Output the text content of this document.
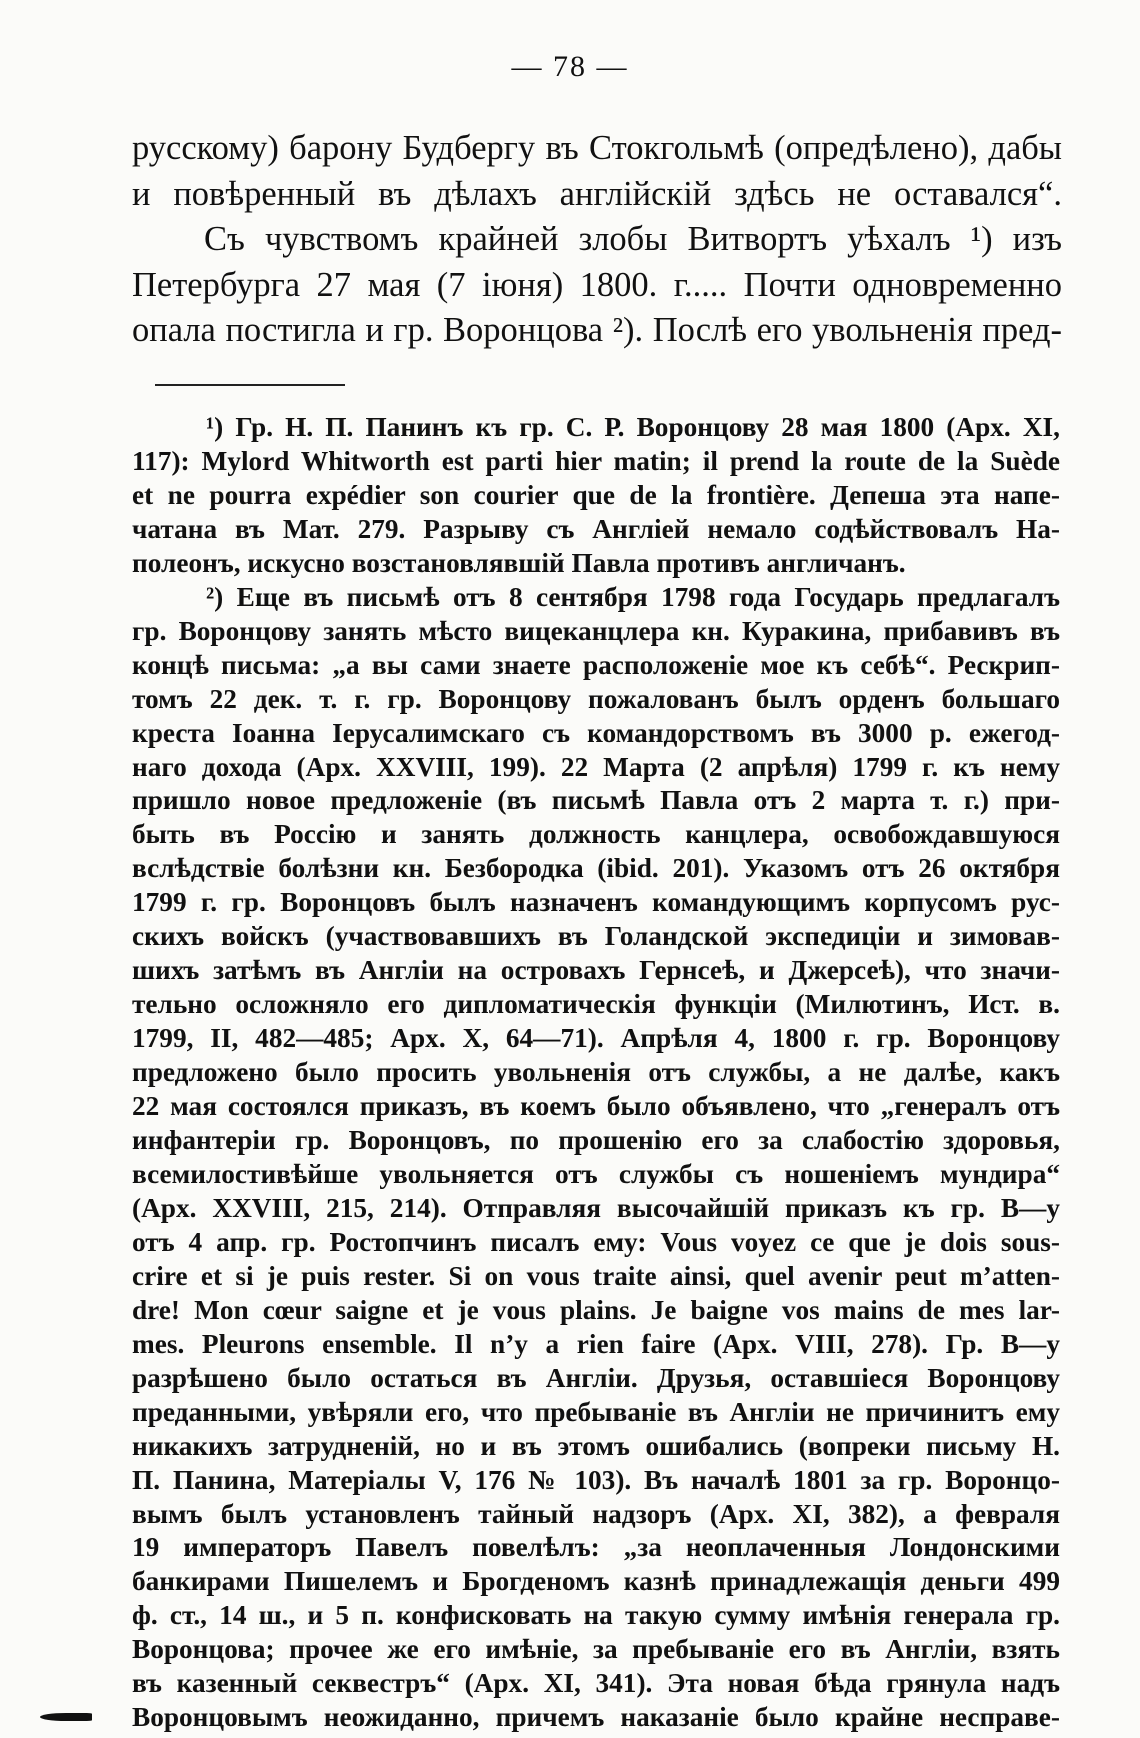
— 78 —

русскому) барону Будбергу въ Стокгольмѣ (опредѣлено), дабы

и повѣренный въ дѣлахъ англійскій здѣсь не оставался“.

Съ чувствомъ крайней злобы Витвортъ уѣхалъ ¹) изъ

Петербурга 27 мая (7 іюня) 1800. г..... Почти одновременно

опала постигла и гр. Воронцова ²). Послѣ его увольненія пред-

¹) Гр. Н. П. Панинъ къ гр. С. Р. Воронцову 28 мая 1800 (Арх. XI,
117): Mylord Whitworth est parti hier matin; il prend la route de la Suède
et ne pourra expédier son courier que de la frontière. Депеша эта напе-
чатана въ Мат. 279. Разрыву съ Англіей немало содѣйствовалъ На-
полеонъ, искусно возстановлявшій Павла противъ англичанъ.
²) Еще въ письмѣ отъ 8 сентября 1798 года Государь предлагалъ
гр. Воронцову занять мѣсто вицеканцлера кн. Куракина, прибавивъ въ
концѣ письма: „а вы сами знаете расположеніе мое къ себѣ“. Рескрип-
томъ 22 дек. т. г. гр. Воронцову пожалованъ былъ орденъ большаго
креста Іоанна Іерусалимскаго съ командорствомъ въ 3000 р. ежегод-
наго дохода (Арх. XXVIII, 199). 22 Марта (2 апрѣля) 1799 г. къ нему
пришло новое предложеніе (въ письмѣ Павла отъ 2 марта т. г.) при-
быть въ Россію и занять должность канцлера, освобождавшуюся
вслѣдствіе болѣзни кн. Безбородка (ibid. 201). Указомъ отъ 26 октября
1799 г. гр. Воронцовъ былъ назначенъ командующимъ корпусомъ рус-
скихъ войскъ (участвовавшихъ въ Голандской экспедиціи и зимовав-
шихъ затѣмъ въ Англіи на островахъ Гернсеѣ, и Джерсеѣ), что значи-
тельно осложняло его дипломатическія функціи (Милютинъ, Ист. в.
1799, II, 482—485; Арх. X, 64—71). Апрѣля 4, 1800 г. гр. Воронцову
предложено было просить увольненія отъ службы, а не далѣе, какъ
22 мая состоялся приказъ, въ коемъ было объявлено, что „генералъ отъ
инфантеріи гр. Воронцовъ, по прошенію его за слабостію здоровья,
всемилостивѣйше увольняется отъ службы съ ношеніемъ мундира“
(Арх. XXVIII, 215, 214). Отправляя высочайшій приказъ къ гр. В—у
отъ 4 апр. гр. Ростопчинъ писалъ ему: Vous voyez ce que je dois sous-
crire et si je puis rester. Si on vous traite ainsi, quel avenir peut m’atten-
dre! Mon cœur saigne et je vous plains. Je baigne vos mains de mes lar-
mes. Pleurons ensemble. Il n’y a rien faire (Арх. VIII, 278). Гр. В—у
разрѣшено было остаться въ Англіи. Друзья, оставшіеся Воронцову
преданными, увѣряли его, что пребываніе въ Англіи не причинитъ ему
никакихъ затрудненій, но и въ этомъ ошибались (вопреки письму Н.
П. Панина, Матеріалы V, 176 № 103). Въ началѣ 1801 за гр. Воронцо-
вымъ былъ установленъ тайный надзоръ (Арх. XI, 382), а февраля
19 императоръ Павелъ повелѣлъ: „за неоплаченныя Лондонскими
банкирами Пишелемъ и Брогденомъ казнѣ принадлежащія деньги 499
ф. ст., 14 ш., и 5 п. конфисковать на такую сумму имѣнія генерала гр.
Воронцова; прочее же его имѣніе, за пребываніе его въ Англіи, взять
въ казенный секвестръ“ (Арх. XI, 341). Эта новая бѣда грянула надъ
Воронцовымъ неожиданно, причемъ наказаніе было крайне несправе-
